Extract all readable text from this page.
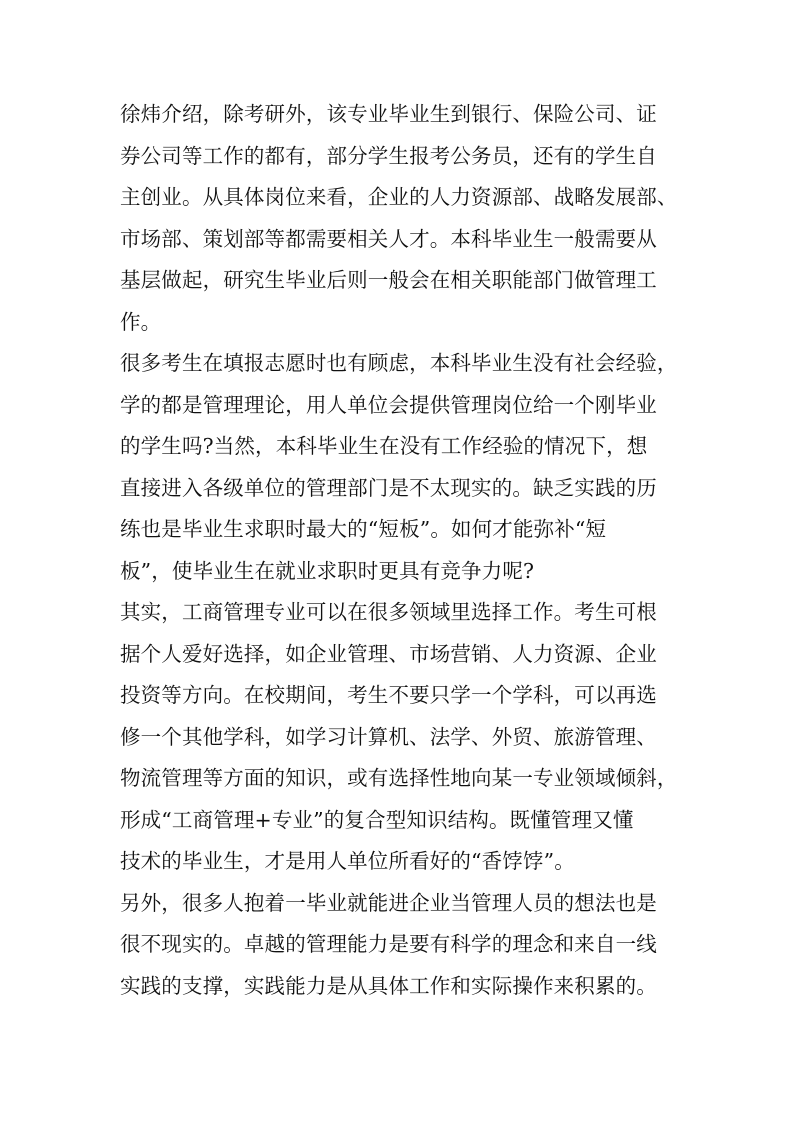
徐炜介绍，除考研外，该专业毕业生到银行、保险公司、证
券公司等工作的都有，部分学生报考公务员，还有的学生自
主创业。从具体岗位来看，企业的人力资源部、战略发展部、
市场部、策划部等都需要相关人才。本科毕业生一般需要从
基层做起，研究生毕业后则一般会在相关职能部门做管理工
作。

很多考生在填报志愿时也有顾虑，本科毕业生没有社会经验，
学的都是管理理论，用人单位会提供管理岗位给一个刚毕业
的学生吗?当然，本科毕业生在没有工作经验的情况下，想
直接进入各级单位的管理部门是不太现实的。缺乏实践的历
练也是毕业生求职时最大的“短板”。如何才能弥补“短
板”，使毕业生在就业求职时更具有竞争力呢?

其实，工商管理专业可以在很多领域里选择工作。考生可根
据个人爱好选择，如企业管理、市场营销、人力资源、企业
投资等方向。在校期间，考生不要只学一个学科，可以再选
修一个其他学科，如学习计算机、法学、外贸、旅游管理、
物流管理等方面的知识，或有选择性地向某一专业领域倾斜，
形成“工商管理+专业”的复合型知识结构。既懂管理又懂
技术的毕业生，才是用人单位所看好的“香饽饽”。

另外，很多人抱着一毕业就能进企业当管理人员的想法也是
很不现实的。卓越的管理能力是要有科学的理念和来自一线
实践的支撑，实践能力是从具体工作和实际操作来积累的。
